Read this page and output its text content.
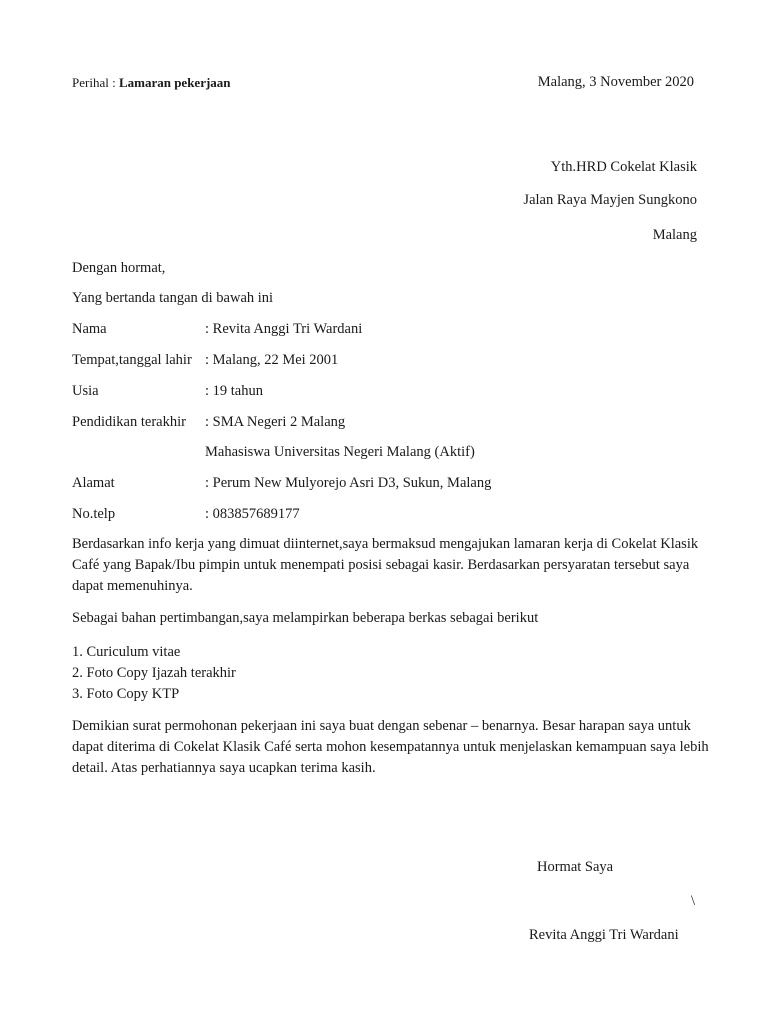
Perihal : Lamaran pekerjaan	Malang, 3 November 2020
Yth.HRD Cokelat Klasik
Jalan Raya Mayjen Sungkono
Malang
Dengan hormat,
Yang bertanda tangan di bawah ini
Nama	: Revita Anggi Tri Wardani
Tempat,tanggal lahir : Malang, 22 Mei 2001
Usia	: 19 tahun
Pendidikan terakhir : SMA Negeri 2 Malang
Mahasiswa Universitas Negeri Malang (Aktif)
Alamat	: Perum New Mulyorejo Asri D3, Sukun, Malang
No.telp	: 083857689177
Berdasarkan info kerja yang dimuat diinternet,saya bermaksud mengajukan lamaran kerja di Cokelat Klasik Café yang Bapak/Ibu pimpin untuk menempati posisi sebagai kasir. Berdasarkan persyaratan tersebut saya dapat memenuhinya.
Sebagai bahan pertimbangan,saya melampirkan beberapa berkas sebagai berikut
1. Curiculum vitae
2. Foto Copy Ijazah terakhir
3. Foto Copy KTP
Demikian surat permohonan pekerjaan ini saya buat dengan sebenar – benarnya. Besar harapan saya untuk dapat diterima di Cokelat Klasik Café serta mohon kesempatannya untuk menjelaskan kemampuan saya lebih detail. Atas perhatiannya saya ucapkan terima kasih.
Hormat Saya
\
Revita Anggi Tri Wardani
